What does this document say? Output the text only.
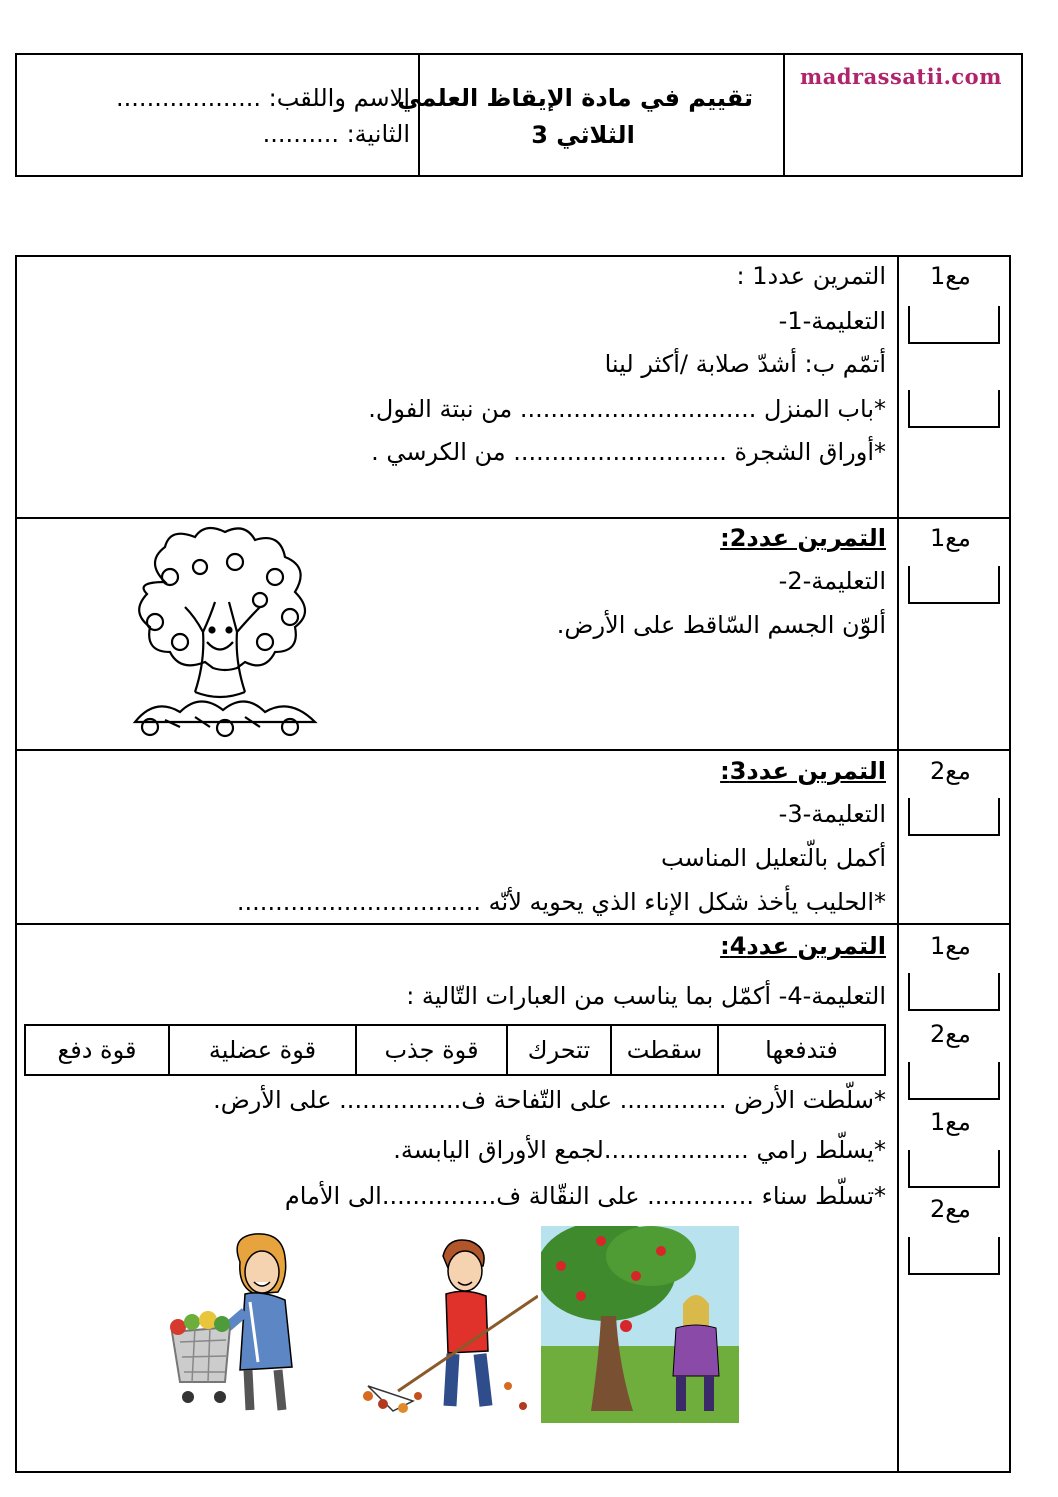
madrassatii.com
تقييم في مادة الإيقاظ العلمي
الثلاثي 3
الاسم واللقب: ...................
الثانية: ..........
مع1
التمرين عدد1 :
التعليمة-1-
أتمّم ب: أشدّ صلابة /أكثر لينا
*باب المنزل ............................... من نبتة الفول.
*أوراق الشجرة ............................ من الكرسي .
مع1
التمرين عدد2:
التعليمة-2-
ألوّن الجسم السّاقط على الأرض.
مع2
التمرين عدد3:
التعليمة-3-
أكمل بالّتعليل المناسب
*الحليب يأخذ شكل الإناء الذي يحويه لأنّه ................................
مع1
مع2
مع1
مع2
التمرين عدد4:
التعليمة-4- أكمّل بما يناسب من العبارات التّالية :
فتدفعها
سقطت
تتحرك
قوة جذب
قوة عضلية
قوة دفع
*سلّطت الأرض .............. على التّفاحة ف................ على الأرض.
*يسلّط رامي ...................لجمع الأوراق اليابسة.
*تسلّط سناء .............. على النقّالة ف...............الى الأمام
